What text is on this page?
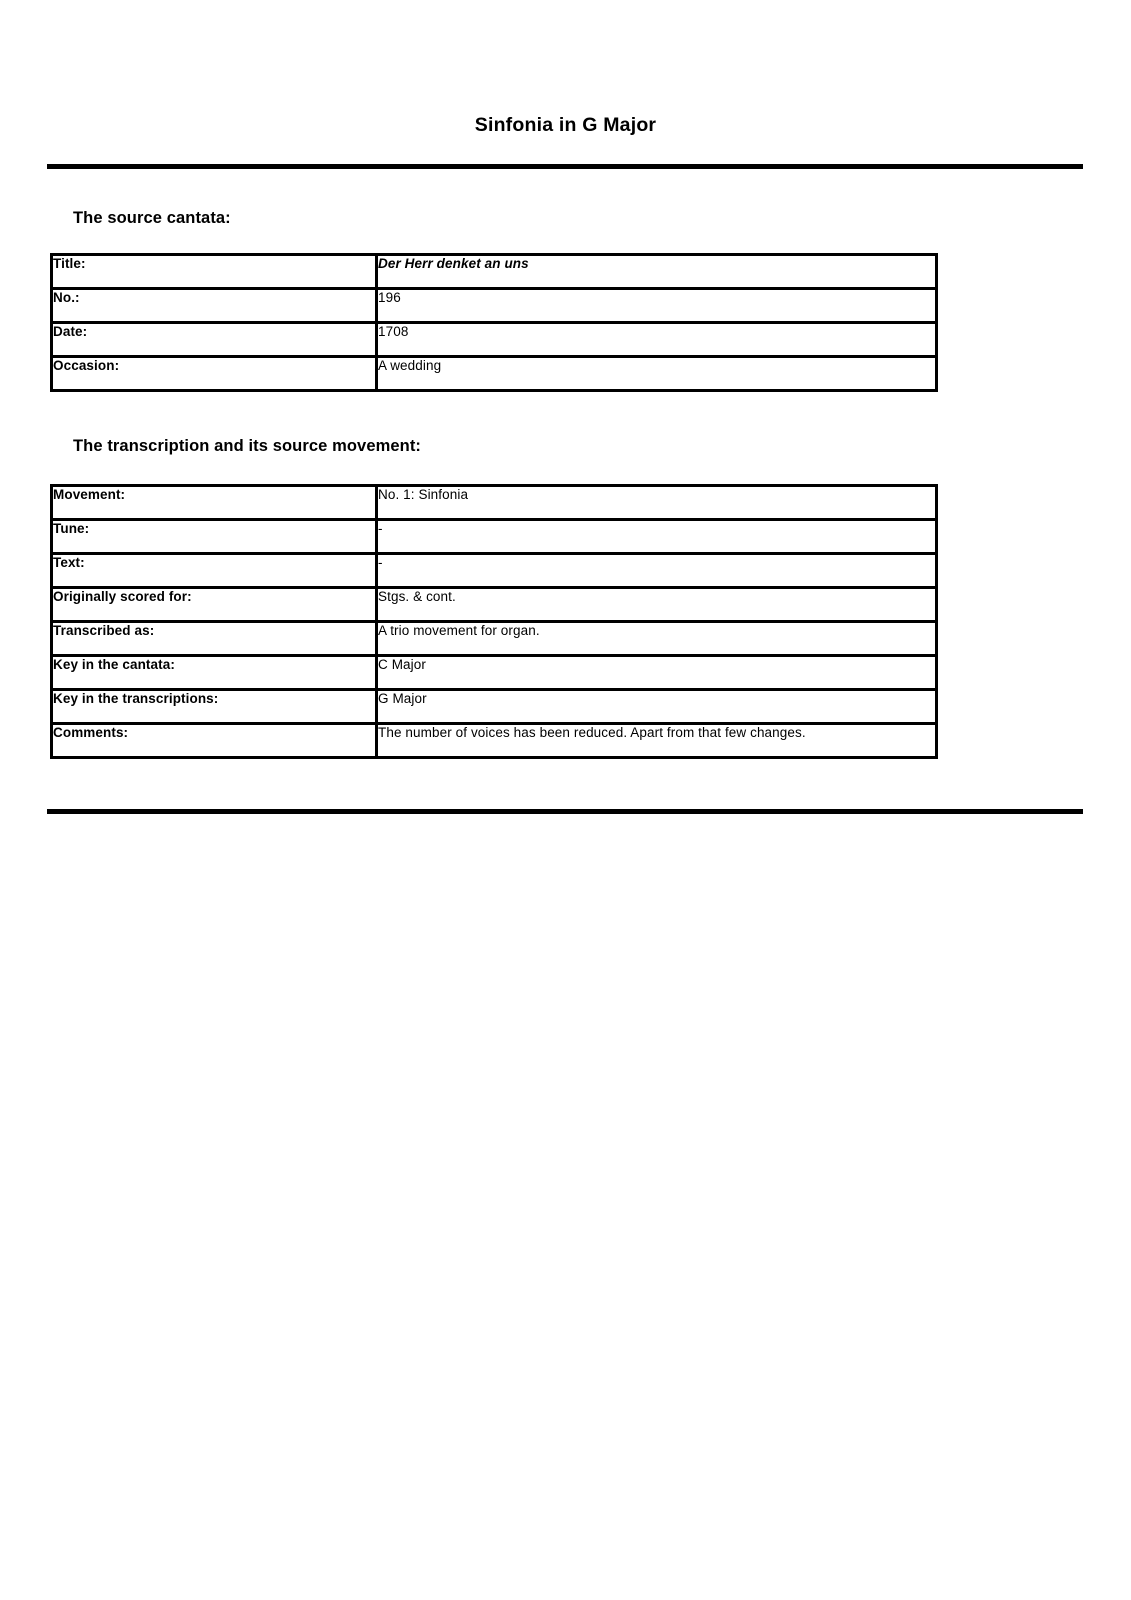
Sinfonia in G Major
The source cantata:
Title:	Der Herr denket an uns
No.:	196
Date:	1708
Occasion:	A wedding
The transcription and its source movement:
Movement:	No. 1: Sinfonia
Tune:	-
Text:	-
Originally scored for:	Stgs. & cont.
Transcribed as:	A trio movement for organ.
Key in the cantata:	C Major
Key in the transcriptions:	G Major
Comments:	The number of voices has been reduced. Apart from that few changes.
